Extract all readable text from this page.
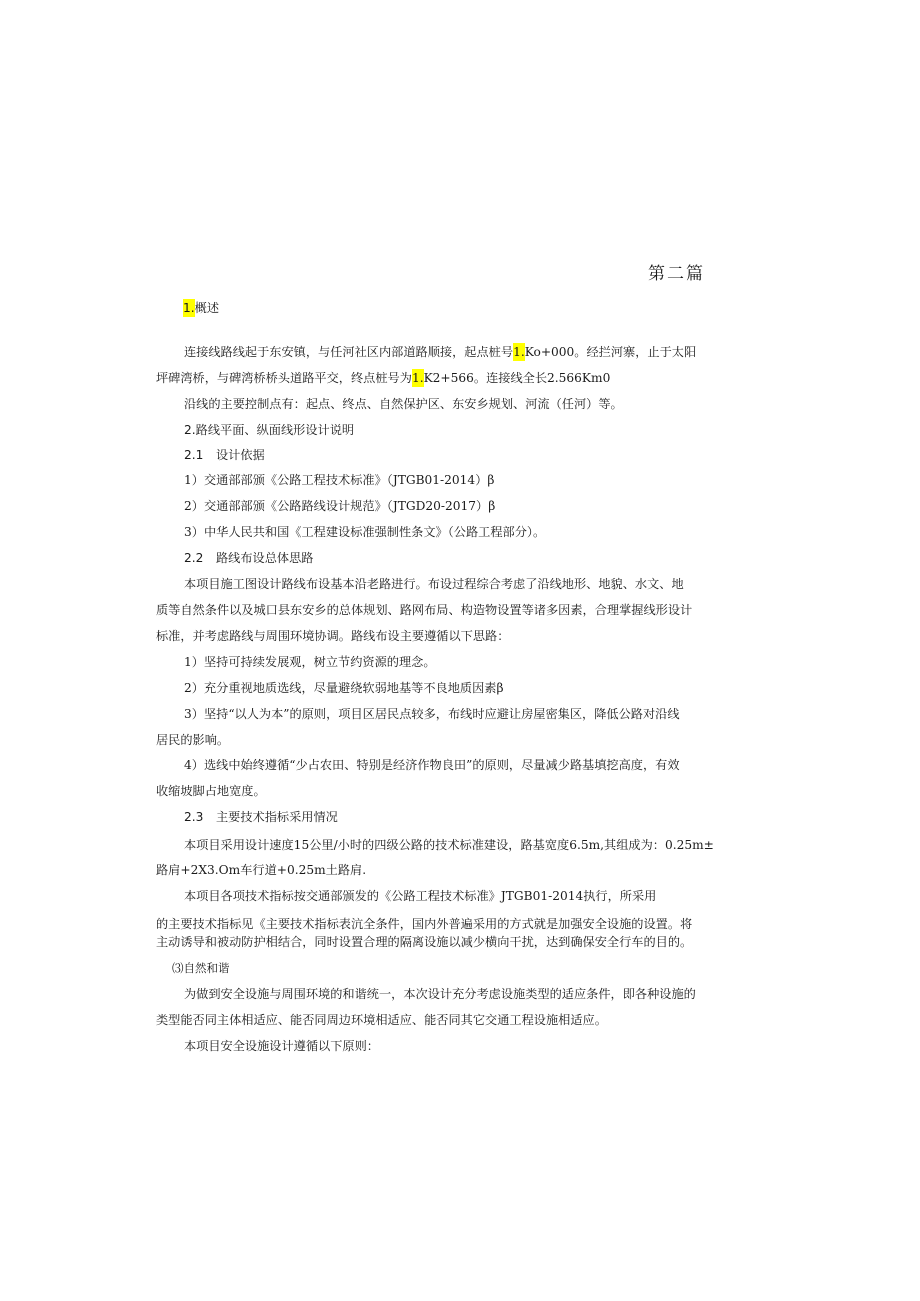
第二篇
1.概述
连接线路线起于东安镇，与任河社区内部道路顺接，起点桩号1.Ko+000。经拦河寨，止于太阳
坪碑湾桥，与碑湾桥桥头道路平交，终点桩号为1.K2+566。连接线全长2.566Km0
沿线的主要控制点有：起点、终点、自然保护区、东安乡规划、河流（任河）等。
2.路线平面、纵面线形设计说明
2.1 设计依据
1）交通部部颁《公路工程技术标准》（JTGB01-2014）β
2）交通部部颁《公路路线设计规范》（JTGD20-2017）β
3）中华人民共和国《工程建设标准强制性条文》（公路工程部分）。
2.2 路线布设总体思路
本项目施工图设计路线布设基本沿老路进行。布设过程综合考虑了沿线地形、地貌、水文、地
质等自然条件以及城口县东安乡的总体规划、路网布局、构造物设置等诸多因素，合理掌握线形设计
标准，并考虑路线与周围环境协调。路线布设主要遵循以下思路：
1）坚持可持续发展观，树立节约资源的理念。
2）充分重视地质选线，尽量避绕软弱地基等不良地质因素β
3）坚持“以人为本”的原则，项目区居民点较多，布线时应避让房屋密集区，降低公路对沿线
居民的影响。
4）选线中始终遵循“少占农田、特别是经济作物良田”的原则，尽量减少路基填挖高度，有效
收缩坡脚占地宽度。
2.3 主要技术指标采用情况
本项目采用设计速度15公里/小时的四级公路的技术标准建设，路基宽度6.5m,其组成为：0.25m±
路肩+2X3.Om车行道+0.25m土路肩.
本项目各项技术指标按交通部颁发的《公路工程技术标准》JTGB01-2014执行，所采用
的主要技术指标见《主要技术指标表沆全条件，国内外普遍采用的方式就是加强安全设施的设置。将
主动诱导和被动防护相结合，同时设置合理的隔离设施以减少横向干扰，达到确保安全行车的目的。
⑶自然和谐
为做到安全设施与周围环境的和谐统一，本次设计充分考虑设施类型的适应条件，即各种设施的
类型能否同主体相适应、能否同周边环境相适应、能否同其它交通工程设施相适应。
本项目安全设施设计遵循以下原则：
